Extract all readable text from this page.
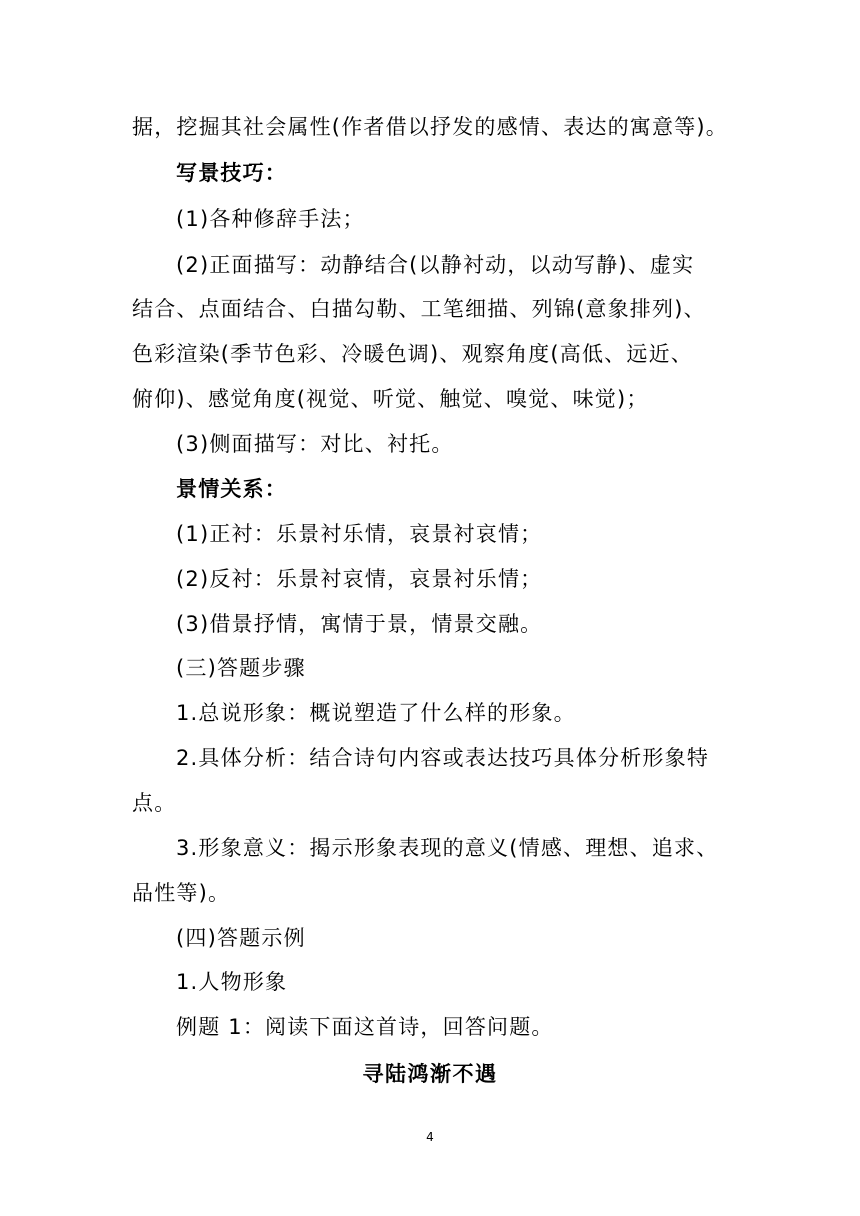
据，挖掘其社会属性(作者借以抒发的感情、表达的寓意等)。
写景技巧：
(1)各种修辞手法；
(2)正面描写：动静结合(以静衬动，以动写静)、虚实
结合、点面结合、白描勾勒、工笔细描、列锦(意象排列)、
色彩渲染(季节色彩、冷暖色调)、观察角度(高低、远近、
俯仰)、感觉角度(视觉、听觉、触觉、嗅觉、味觉)；
(3)侧面描写：对比、衬托。
景情关系：
(1)正衬：乐景衬乐情，哀景衬哀情；
(2)反衬：乐景衬哀情，哀景衬乐情；
(3)借景抒情，寓情于景，情景交融。
(三)答题步骤
1.总说形象：概说塑造了什么样的形象。
2.具体分析：结合诗句内容或表达技巧具体分析形象特
点。
3.形象意义：揭示形象表现的意义(情感、理想、追求、
品性等)。
(四)答题示例
1.人物形象
例题 1：阅读下面这首诗，回答问题。
寻陆鸿渐不遇
4
